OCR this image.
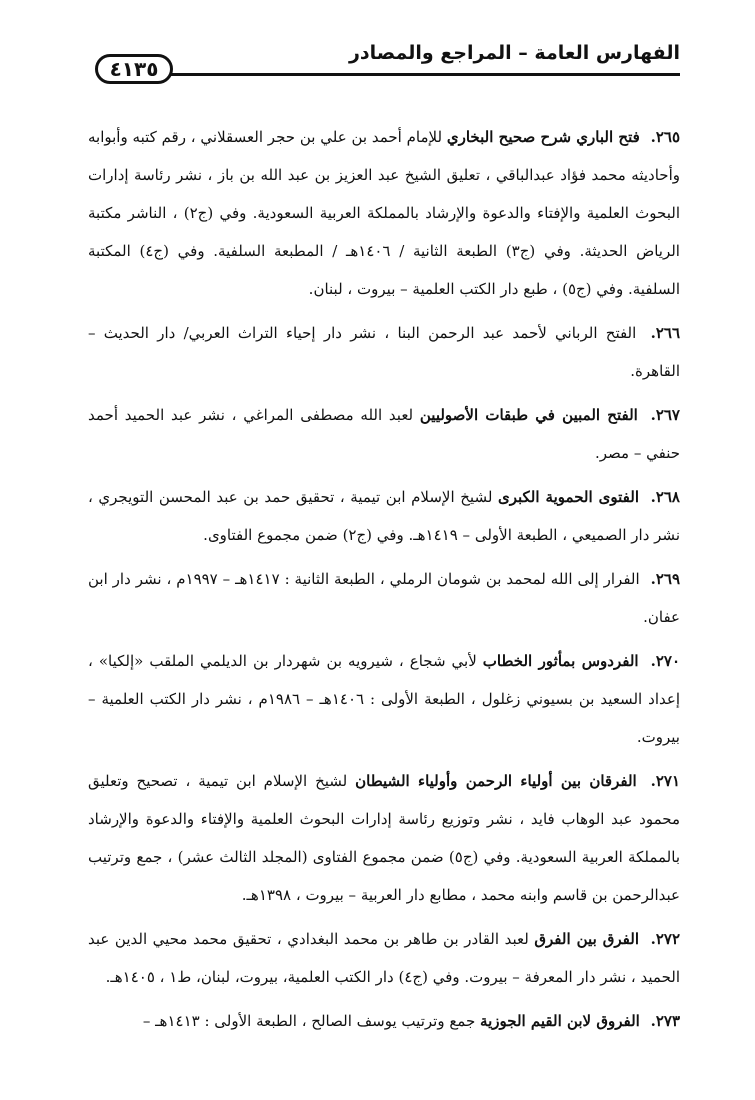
الفهارس العامة – المراجع والمصادر
٤١٣٥

٢٦٥. فتح الباري شرح صحيح البخاري للإمام أحمد بن علي بن حجر العسقلاني ، رقم كتبه وأبوابه وأحاديثه محمد فؤاد عبدالباقي ، تعليق الشيخ عبد العزيز بن عبد الله بن باز ، نشر رئاسة إدارات البحوث العلمية والإفتاء والدعوة والإرشاد بالمملكة العربية السعودية. وفي (ج٢) ، الناشر مكتبة الرياض الحديثة. وفي (ج٣) الطبعة الثانية / ١٤٠٦هـ / المطبعة السلفية. وفي (ج٤) المكتبة السلفية. وفي (ج٥) ، طبع دار الكتب العلمية – بيروت ، لبنان.

٢٦٦. الفتح الرباني لأحمد عبد الرحمن البنا ، نشر دار إحياء التراث العربي/ دار الحديث – القاهرة.

٢٦٧. الفتح المبين في طبقات الأصوليين لعبد الله مصطفى المراغي ، نشر عبد الحميد أحمد حنفي – مصر.

٢٦٨. الفتوى الحموية الكبرى لشيخ الإسلام ابن تيمية ، تحقيق حمد بن عبد المحسن التويجري ، نشر دار الصميعي ، الطبعة الأولى – ١٤١٩هـ. وفي (ج٢) ضمن مجموع الفتاوى.

٢٦٩. الفرار إلى الله لمحمد بن شومان الرملي ، الطبعة الثانية : ١٤١٧هـ – ١٩٩٧م ، نشر دار ابن عفان.

٢٧٠. الفردوس بمأثور الخطاب لأبي شجاع ، شيرويه بن شهردار بن الديلمي الملقب «إلكيا» ، إعداد السعيد بن بسيوني زغلول ، الطبعة الأولى : ١٤٠٦هـ – ١٩٨٦م ، نشر دار الكتب العلمية – بيروت.

٢٧١. الفرقان بين أولياء الرحمن وأولياء الشيطان لشيخ الإسلام ابن تيمية ، تصحيح وتعليق محمود عبد الوهاب فايد ، نشر وتوزيع رئاسة إدارات البحوث العلمية والإفتاء والدعوة والإرشاد بالمملكة العربية السعودية. وفي (ج٥) ضمن مجموع الفتاوى (المجلد الثالث عشر) ، جمع وترتيب عبدالرحمن بن قاسم وابنه محمد ، مطابع دار العربية – بيروت ، ١٣٩٨هـ.

٢٧٢. الفرق بين الفرق لعبد القادر بن طاهر بن محمد البغدادي ، تحقيق محمد محيي الدين عبد الحميد ، نشر دار المعرفة – بيروت. وفي (ج٤) دار الكتب العلمية، بيروت، لبنان، ط١ ، ١٤٠٥هـ.

٢٧٣. الفروق لابن القيم الجوزية جمع وترتيب يوسف الصالح ، الطبعة الأولى : ١٤١٣هـ –
